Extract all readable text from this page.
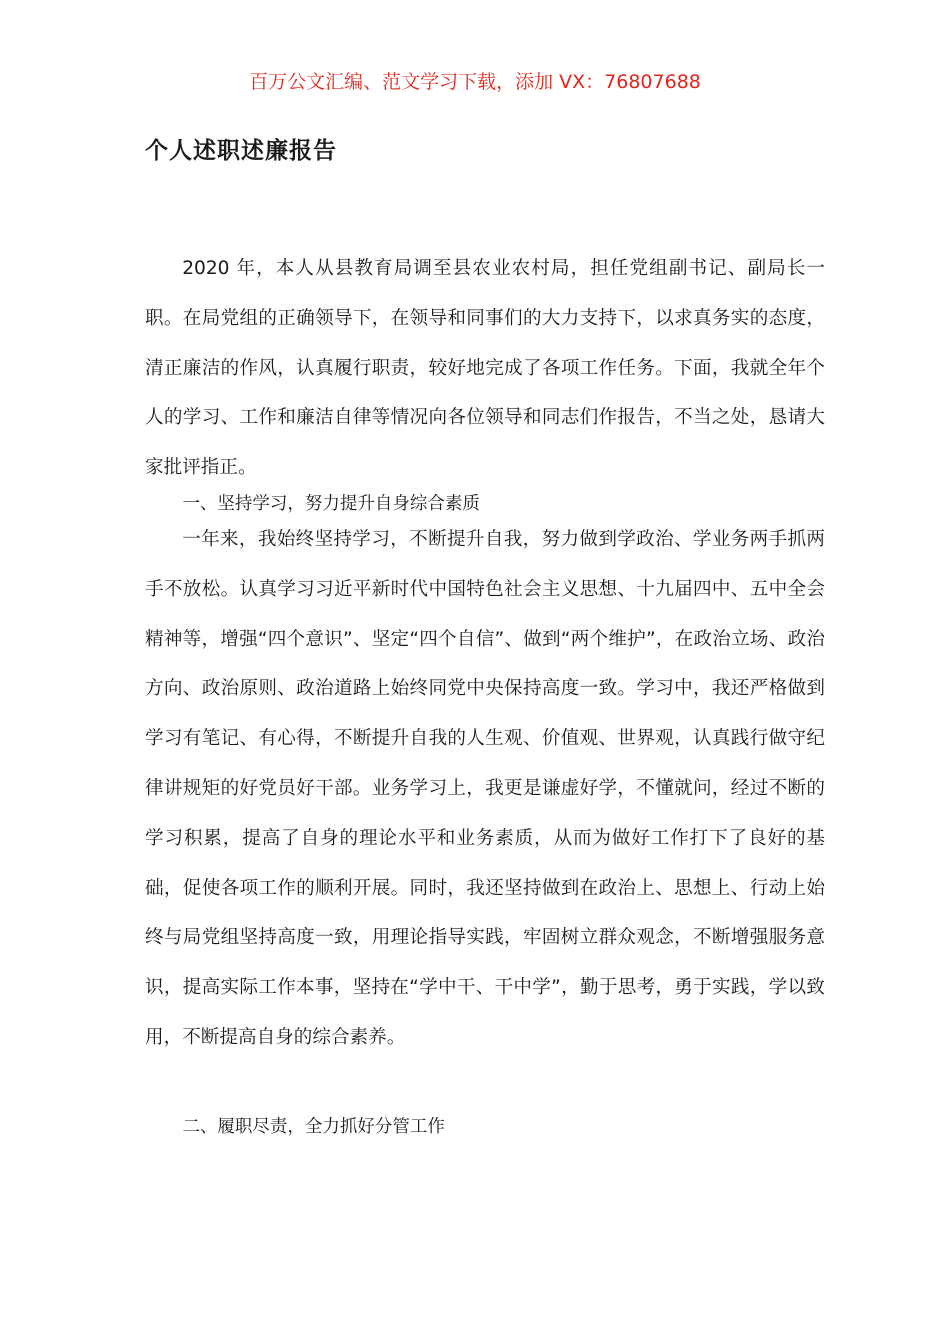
百万公文汇编、范文学习下载，添加 VX：76807688
个人述职述廉报告

2020 年，本人从县教育局调至县农业农村局，担任党组副书记、副局长一职。在局党组的正确领导下，在领导和同事们的大力支持下，以求真务实的态度，清正廉洁的作风，认真履行职责，较好地完成了各项工作任务。下面，我就全年个人的学习、工作和廉洁自律等情况向各位领导和同志们作报告，不当之处，恳请大家批评指正。

一、坚持学习，努力提升自身综合素质

一年来，我始终坚持学习，不断提升自我，努力做到学政治、学业务两手抓两手不放松。认真学习习近平新时代中国特色社会主义思想、十九届四中、五中全会精神等，增强“四个意识”、坚定“四个自信”、做到“两个维护”，在政治立场、政治方向、政治原则、政治道路上始终同党中央保持高度一致。学习中，我还严格做到学习有笔记、有心得，不断提升自我的人生观、价值观、世界观，认真践行做守纪律讲规矩的好党员好干部。业务学习上，我更是谦虚好学，不懂就问，经过不断的学习积累，提高了自身的理论水平和业务素质，从而为做好工作打下了良好的基础，促使各项工作的顺利开展。同时，我还坚持做到在政治上、思想上、行动上始终与局党组坚持高度一致，用理论指导实践，牢固树立群众观念，不断增强服务意识，提高实际工作本事，坚持在“学中干、干中学”，勤于思考，勇于实践，学以致用，不断提高自身的综合素养。

二、履职尽责，全力抓好分管工作
